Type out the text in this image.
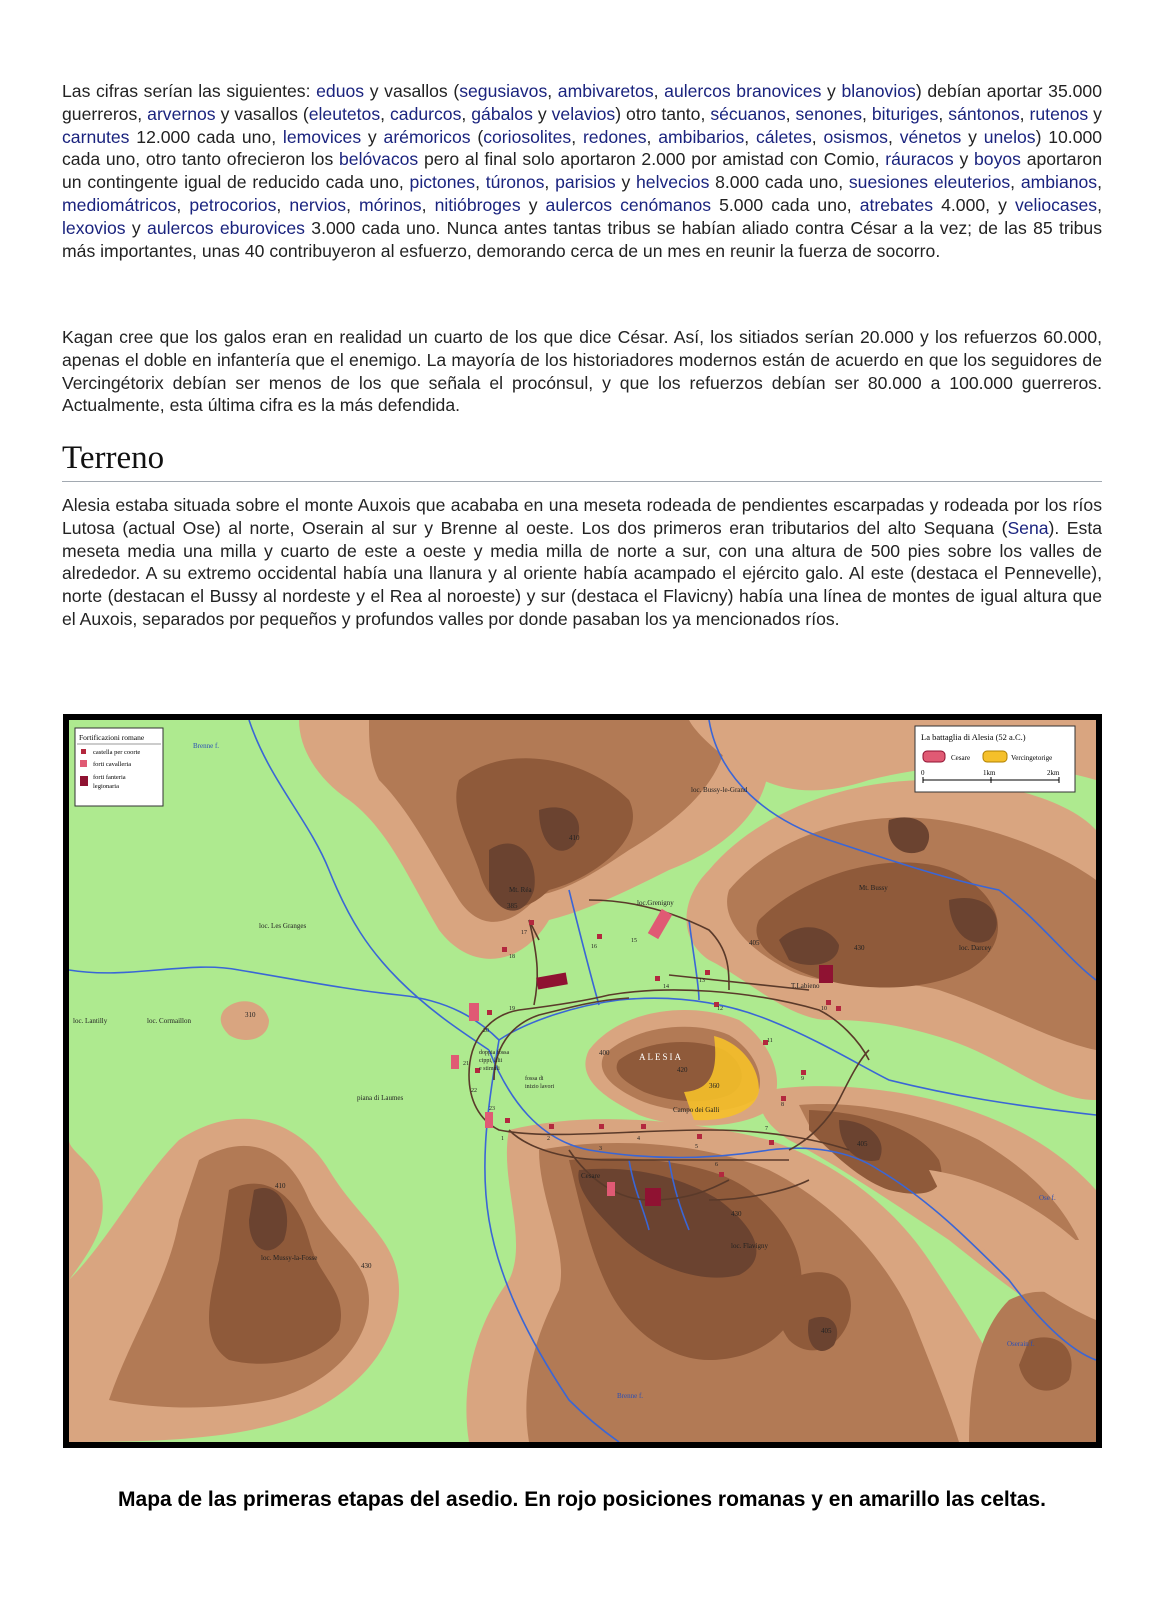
Las cifras serían las siguientes: eduos y vasallos (segusiavos, ambivaretos, aulercos branovices y blanovios) debían aportar 35.000 guerreros, arvernos y vasallos (eleutetos, cadurcos, gábalos y velavios) otro tanto, sécuanos, senones, bituriges, sántonos, rutenos y carnutes 12.000 cada uno, lemovices y arémoricos (coriosolites, redones, ambibarios, cáletes, osismos, vénetos y unelos) 10.000 cada uno, otro tanto ofrecieron los belóvacos pero al final solo aportaron 2.000 por amistad con Comio, ráuracos y boyos aportaron un contingente igual de reducido cada uno, pictones, túronos, parisios y helvecios 8.000 cada uno, suesiones eleuterios, ambianos, mediomátricos, petrocorios, nervios, mórinos, nitióbroges y aulercos cenómanos 5.000 cada uno, atrebates 4.000, y veliocases, lexovios y aulercos eburovices 3.000 cada uno. Nunca antes tantas tribus se habían aliado contra César a la vez; de las 85 tribus más importantes, unas 40 contribuyeron al esfuerzo, demorando cerca de un mes en reunir la fuerza de socorro.

Kagan cree que los galos eran en realidad un cuarto de los que dice César. Así, los sitiados serían 20.000 y los refuerzos 60.000, apenas el doble en infantería que el enemigo. La mayoría de los historiadores modernos están de acuerdo en que los seguidores de Vercingétorix debían ser menos de los que señala el procónsul, y que los refuerzos debían ser 80.000 a 100.000 guerreros. Actualmente, esta última cifra es la más defendida.

Terreno

Alesia estaba situada sobre el monte Auxois que acababa en una meseta rodeada de pendientes escarpadas y rodeada por los ríos Lutosa (actual Ose) al norte, Oserain al sur y Brenne al oeste. Los dos primeros eran tributarios del alto Sequana (Sena). Esta meseta media una milla y cuarto de este a oeste y media milla de norte a sur, con una altura de 500 pies sobre los valles de alrededor. A su extremo occidental había una llanura y al oriente había acampado el ejército galo. Al este (destaca el Pennevelle), norte (destacan el Bussy al nordeste y el Rea al noroeste) y sur (destaca el Flavicny) había una línea de montes de igual altura que el Auxois, separados por pequeños y profundos valles por donde pasaban los ya mencionados ríos.

Fortificazioni romane
castella per coorte
forti cavalleria
forti fanteria
legionaria
La battaglia di Alesia (52 a.C.)
Cesare	Vercingetorige
0	1km	2km
Brenne f.
loc. Bussy-le-Grand
loc.Grenigny
Mt. Réa	Mt. Bussy
loc. Darcey
loc. Les Granges
loc. Lantilly	loc. Cormaillon
piana di Laumes
ALESIA
Campo dei Galli
Cesare
loc. Flavigny
loc. Mussy-la-Fosse
Ose f.
Oserain f.
Brenne f.
T.Labieno
doppia fossa
cippi, lilii
e stimuli
fossa di
inizio lavori
410
385
405
430
310
400
420
360
405
430
410
430
405
1	2
3
4
5
6
7
8
9
10
11
12
13
14
15
16
17
18
19
20
21
22
23

Mapa de las primeras etapas del asedio. En rojo posiciones romanas y en amarillo las celtas.
